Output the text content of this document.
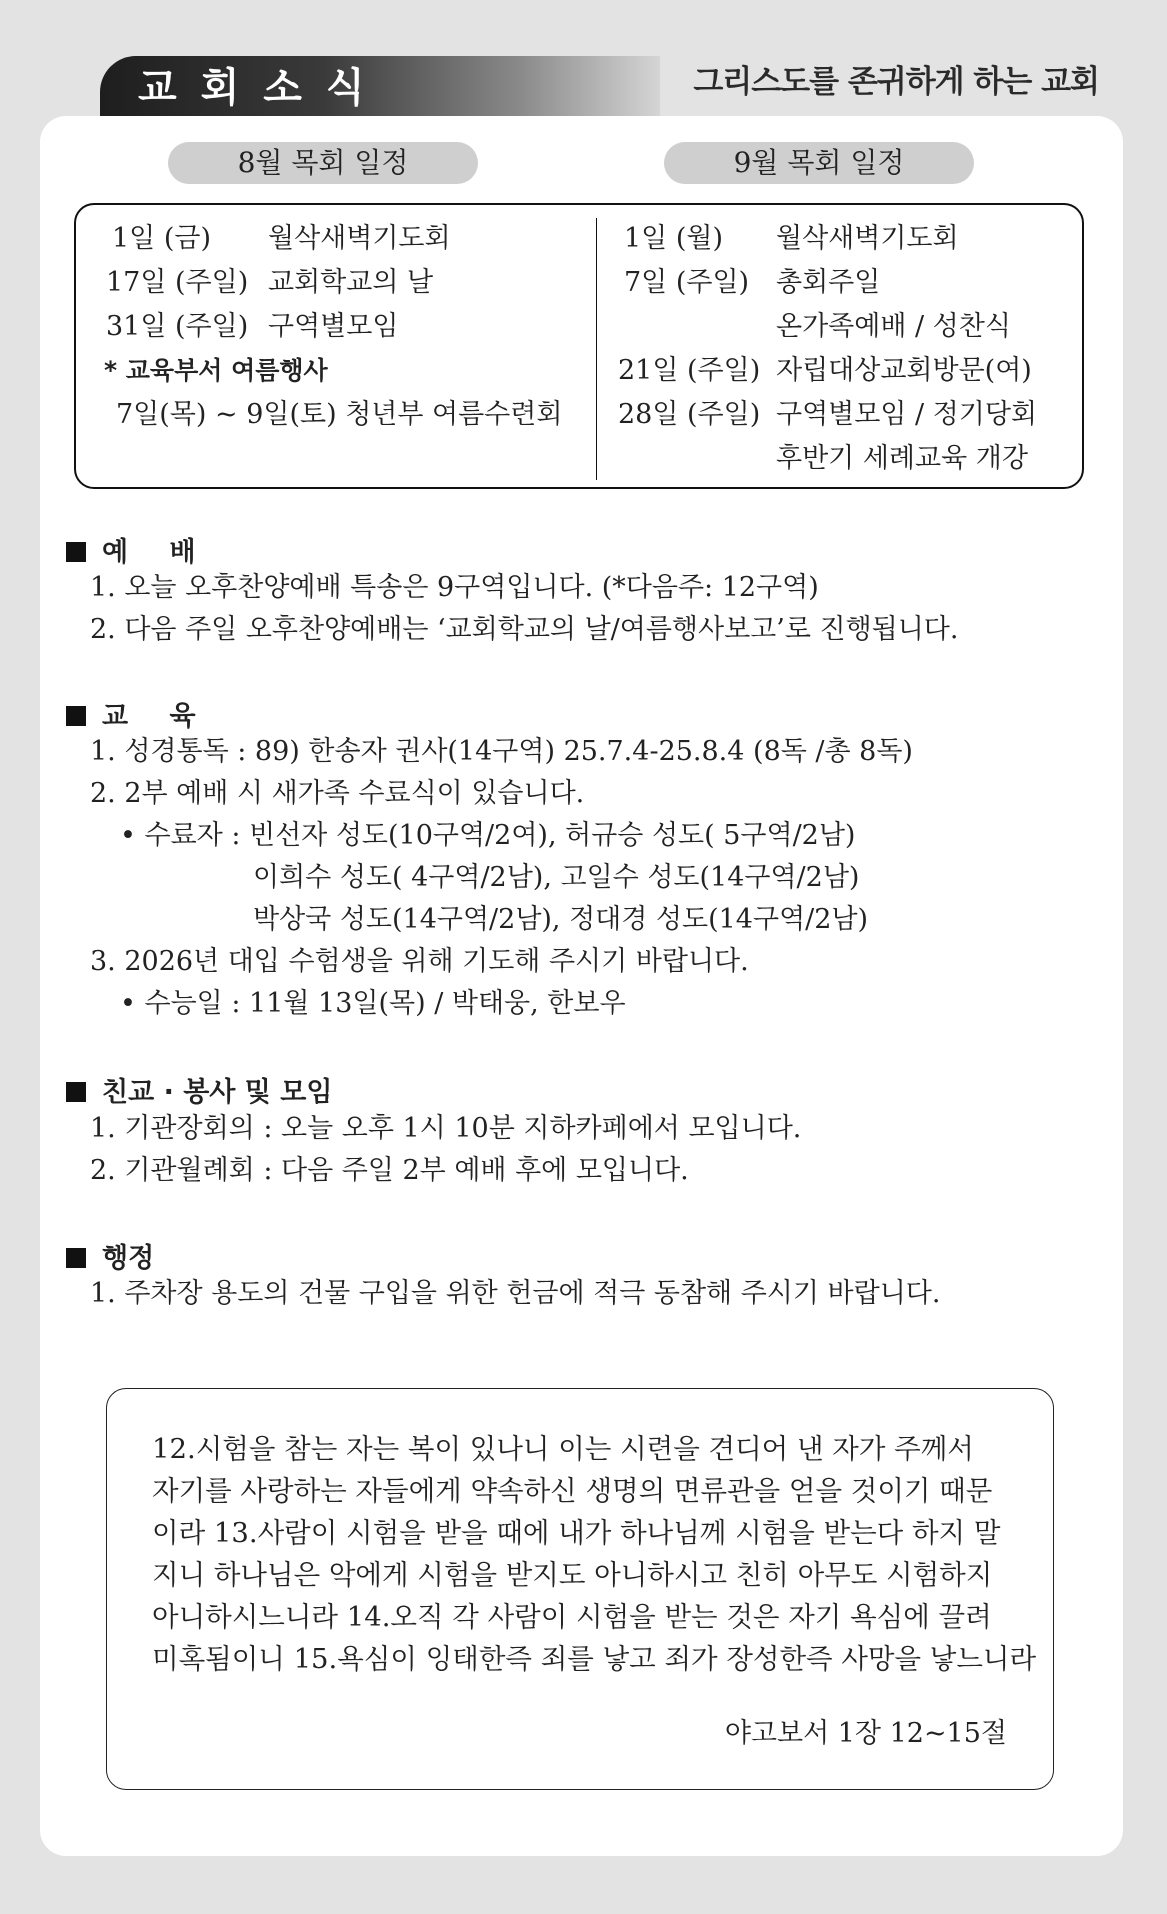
교회소식	그리스도를 존귀하게 하는 교회
8월 목회 일정	9월 목회 일정
1일 (금) 월삭새벽기도회
17일 (주일) 교회학교의 날
31일 (주일) 구역별모임
* 교육부서 여름행사
7일(목) ~ 9일(토) 청년부 여름수련회
1일 (월) 월삭새벽기도회
7일 (주일) 총회주일
온가족예배 / 성찬식
21일 (주일) 자립대상교회방문(여)
28일 (주일) 구역별모임 / 정기당회
후반기 세례교육 개강
예 배
1. 오늘 오후찬양예배 특송은 9구역입니다. (*다음주: 12구역)
2. 다음 주일 오후찬양예배는 ‘교회학교의 날/여름행사보고’로 진행됩니다.
교 육
1. 성경통독 : 89) 한송자 권사(14구역) 25.7.4-25.8.4 (8독 /총 8독)
2. 2부 예배 시 새가족 수료식이 있습니다.
• 수료자 : 빈선자 성도(10구역/2여), 허규승 성도( 5구역/2남)
이희수 성도( 4구역/2남), 고일수 성도(14구역/2남)
박상국 성도(14구역/2남), 정대경 성도(14구역/2남)
3. 2026년 대입 수험생을 위해 기도해 주시기 바랍니다.
• 수능일 : 11월 13일(목) / 박태웅, 한보우
친교 · 봉사 및 모임
1. 기관장회의 : 오늘 오후 1시 10분 지하카페에서 모입니다.
2. 기관월례회 : 다음 주일 2부 예배 후에 모입니다.
행정
1. 주차장 용도의 건물 구입을 위한 헌금에 적극 동참해 주시기 바랍니다.
12.시험을 참는 자는 복이 있나니 이는 시련을 견디어 낸 자가 주께서
자기를 사랑하는 자들에게 약속하신 생명의 면류관을 얻을 것이기 때문
이라 13.사람이 시험을 받을 때에 내가 하나님께 시험을 받는다 하지 말
지니 하나님은 악에게 시험을 받지도 아니하시고 친히 아무도 시험하지
아니하시느니라 14.오직 각 사람이 시험을 받는 것은 자기 욕심에 끌려
미혹됨이니 15.욕심이 잉태한즉 죄를 낳고 죄가 장성한즉 사망을 낳느니라
야고보서 1장 12~15절
